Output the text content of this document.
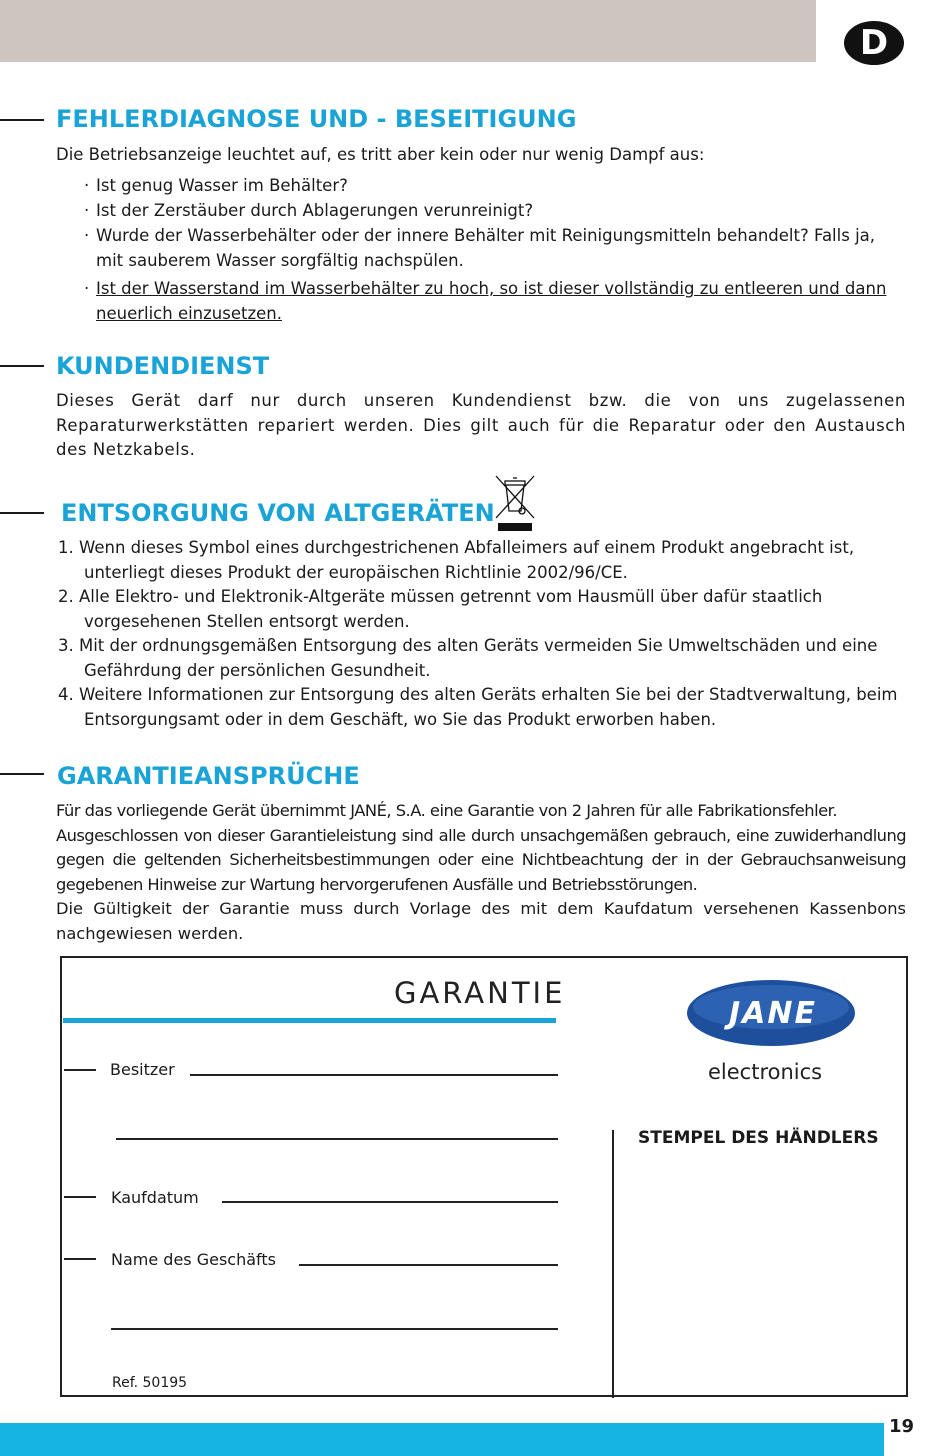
D
FEHLERDIAGNOSE UND - BESEITIGUNG
Die Betriebsanzeige leuchtet auf, es tritt aber kein oder nur wenig Dampf aus:
· Ist genug Wasser im Behälter?
· Ist der Zerstäuber durch Ablagerungen verunreinigt?
· Wurde der Wasserbehälter oder der innere Behälter mit Reinigungsmitteln behandelt? Falls ja, mit sauberem Wasser sorgfältig nachspülen.
· Ist der Wasserstand im Wasserbehälter zu hoch, so ist dieser vollständig zu entleeren und dann neuerlich einzusetzen.
KUNDENDIENST
Dieses Gerät darf nur durch unseren Kundendienst bzw. die von uns zugelassenen Reparaturwerkstätten repariert werden. Dies gilt auch für die Reparatur oder den Austausch des Netzkabels.
ENTSORGUNG VON ALTGERÄTEN
1. Wenn dieses Symbol eines durchgestrichenen Abfalleimers auf einem Produkt angebracht ist, unterliegt dieses Produkt der europäischen Richtlinie 2002/96/CE.
2. Alle Elektro- und Elektronik-Altgeräte müssen getrennt vom Hausmüll über dafür staatlich vorgesehenen Stellen entsorgt werden.
3. Mit der ordnungsgemäßen Entsorgung des alten Geräts vermeiden Sie Umweltschäden und eine Gefährdung der persönlichen Gesundheit.
4. Weitere Informationen zur Entsorgung des alten Geräts erhalten Sie bei der Stadtverwaltung, beim Entsorgungsamt oder in dem Geschäft, wo Sie das Produkt erworben haben.
GARANTIEANSPRÜCHE
Für das vorliegende Gerät übernimmt JANÉ, S.A. eine Garantie von 2 Jahren für alle Fabrikationsfehler.
Ausgeschlossen von dieser Garantieleistung sind alle durch unsachgemäßen gebrauch, eine zuwiderhandlung gegen die geltenden Sicherheitsbestimmungen oder eine Nichtbeachtung der in der Gebrauchsanweisung gegebenen Hinweise zur Wartung hervorgerufenen Ausfälle und Betriebsstörungen.
Die Gültigkeit der Garantie muss durch Vorlage des mit dem Kaufdatum versehenen Kassenbons nachgewiesen werden.
GARANTIE
JANE
electronics
STEMPEL DES HÄNDLERS
Besitzer
Kaufdatum
Name des Geschäfts
Ref. 50195
19
